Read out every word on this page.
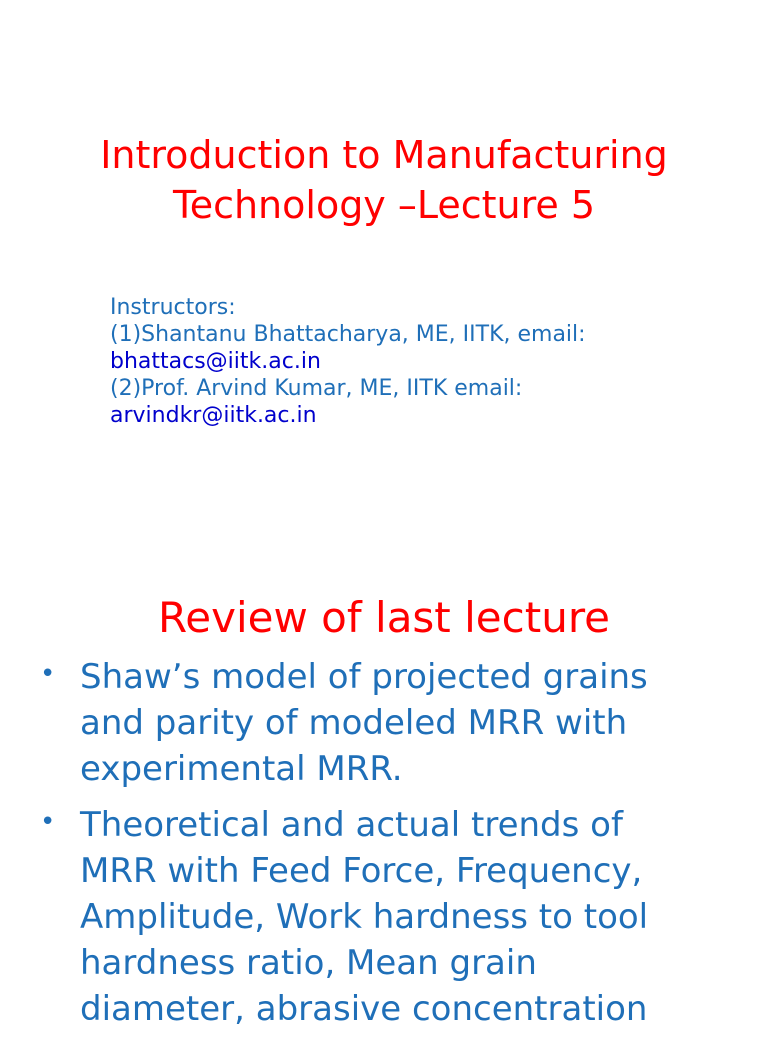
Introduction to Manufacturing
Technology –Lecture 5
Instructors:
(1)Shantanu Bhattacharya, ME, IITK, email:
bhattacs@iitk.ac.in
(2)Prof. Arvind Kumar, ME, IITK email:
arvindkr@iitk.ac.in
Review of last lecture
• Shaw’s model of projected grains
and parity of modeled MRR with
experimental MRR.
• Theoretical and actual trends of
MRR with Feed Force, Frequency,
Amplitude, Work hardness to tool
hardness ratio, Mean grain
diameter, abrasive concentration
